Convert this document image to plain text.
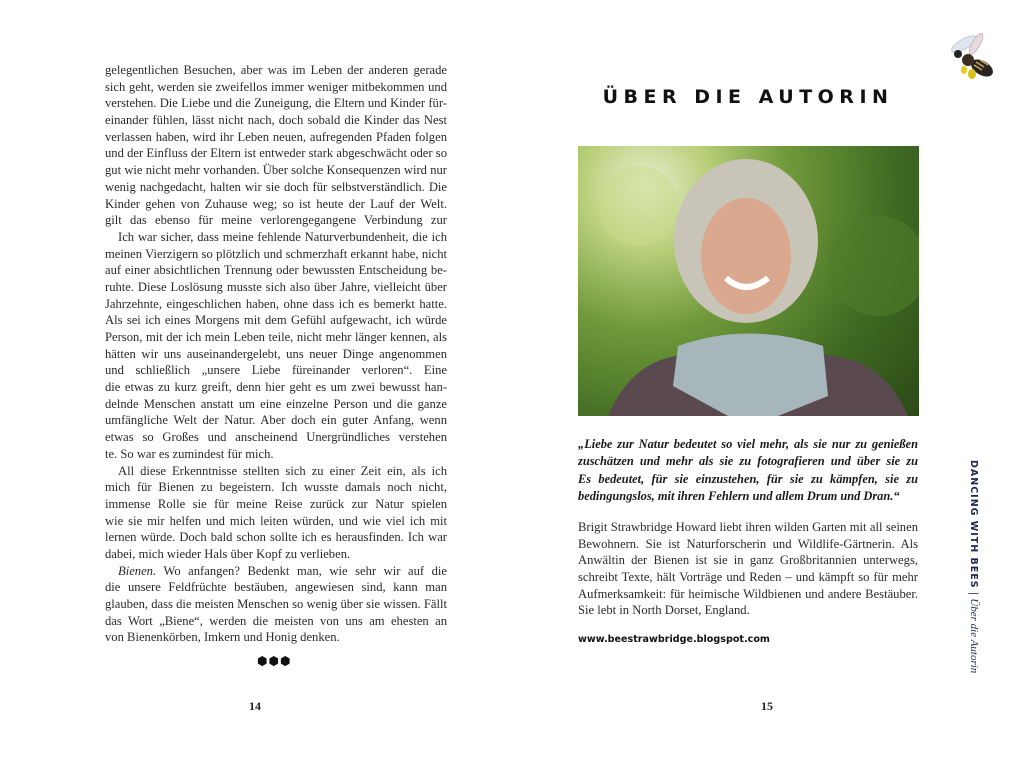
gelegentlichen Besuchen, aber was im Leben der anderen gerade
sich geht, werden sie zweifellos immer weniger mitbekommen und
verstehen. Die Liebe und die Zuneigung, die Eltern und Kinder für-
einander fühlen, lässt nicht nach, doch sobald die Kinder das Nest
verlassen haben, wird ihr Leben neuen, aufregenden Pfaden folgen
und der Einfluss der Eltern ist entweder stark abgeschwächt oder so
gut wie nicht mehr vorhanden. Über solche Konsequenzen wird nur
wenig nachgedacht, halten wir sie doch für selbstverständlich. Die
Kinder gehen von Zuhause weg; so ist heute der Lauf der Welt.
gilt das ebenso für meine verlorengegangene Verbindung zur
Ich war sicher, dass meine fehlende Naturverbundenheit, die ich
meinen Vierzigern so plötzlich und schmerzhaft erkannt habe, nicht
auf einer absichtlichen Trennung oder bewussten Entscheidung be-
ruhte. Diese Loslösung musste sich also über Jahre, vielleicht über
Jahrzehnte, eingeschlichen haben, ohne dass ich es bemerkt hatte.
Als sei ich eines Morgens mit dem Gefühl aufgewacht, ich würde
Person, mit der ich mein Leben teile, nicht mehr länger kennen, als
hätten wir uns auseinandergelebt, uns neuer Dinge angenommen
und schließlich „unsere Liebe füreinander verloren“. Eine
die etwas zu kurz greift, denn hier geht es um zwei bewusst han-
delnde Menschen anstatt um eine einzelne Person und die ganze
umfängliche Welt der Natur. Aber doch ein guter Anfang, wenn
etwas so Großes und anscheinend Unergründliches verstehen
te. So war es zumindest für mich.
All diese Erkenntnisse stellten sich zu einer Zeit ein, als ich
mich für Bienen zu begeistern. Ich wusste damals noch nicht,
immense Rolle sie für meine Reise zurück zur Natur spielen
wie sie mir helfen und mich leiten würden, und wie viel ich mit
lernen würde. Doch bald schon sollte ich es herausfinden. Ich war
dabei, mich wieder Hals über Kopf zu verlieben.
Bienen. Wo anfangen? Bedenkt man, wie sehr wir auf die
die unsere Feldfrüchte bestäuben, angewiesen sind, kann man
glauben, dass die meisten Menschen so wenig über sie wissen. Fällt
das Wort „Biene“, werden die meisten von uns am ehesten an
von Bienenkörben, Imkern und Honig denken.
⬢⬢⬢
14
ÜBER DIE AUTORIN
„Liebe zur Natur bedeutet so viel mehr, als sie nur zu genießen
zuschätzen und mehr als sie zu fotografieren und über sie zu
Es bedeutet, für sie einzustehen, für sie zu kämpfen, sie zu
bedingungslos, mit ihren Fehlern und allem Drum und Dran.“
Brigit Strawbridge Howard liebt ihren wilden Garten mit all seinen
Bewohnern. Sie ist Naturforscherin und Wildlife-Gärtnerin. Als
Anwältin der Bienen ist sie in ganz Großbritannien unterwegs,
schreibt Texte, hält Vorträge und Reden – und kämpft so für mehr
Aufmerksamkeit: für heimische Wildbienen und andere Bestäuber.
Sie lebt in North Dorset, England.
www.beestrawbridge.blogspot.com
15
DANCING WITH BEES | Über die Autorin
